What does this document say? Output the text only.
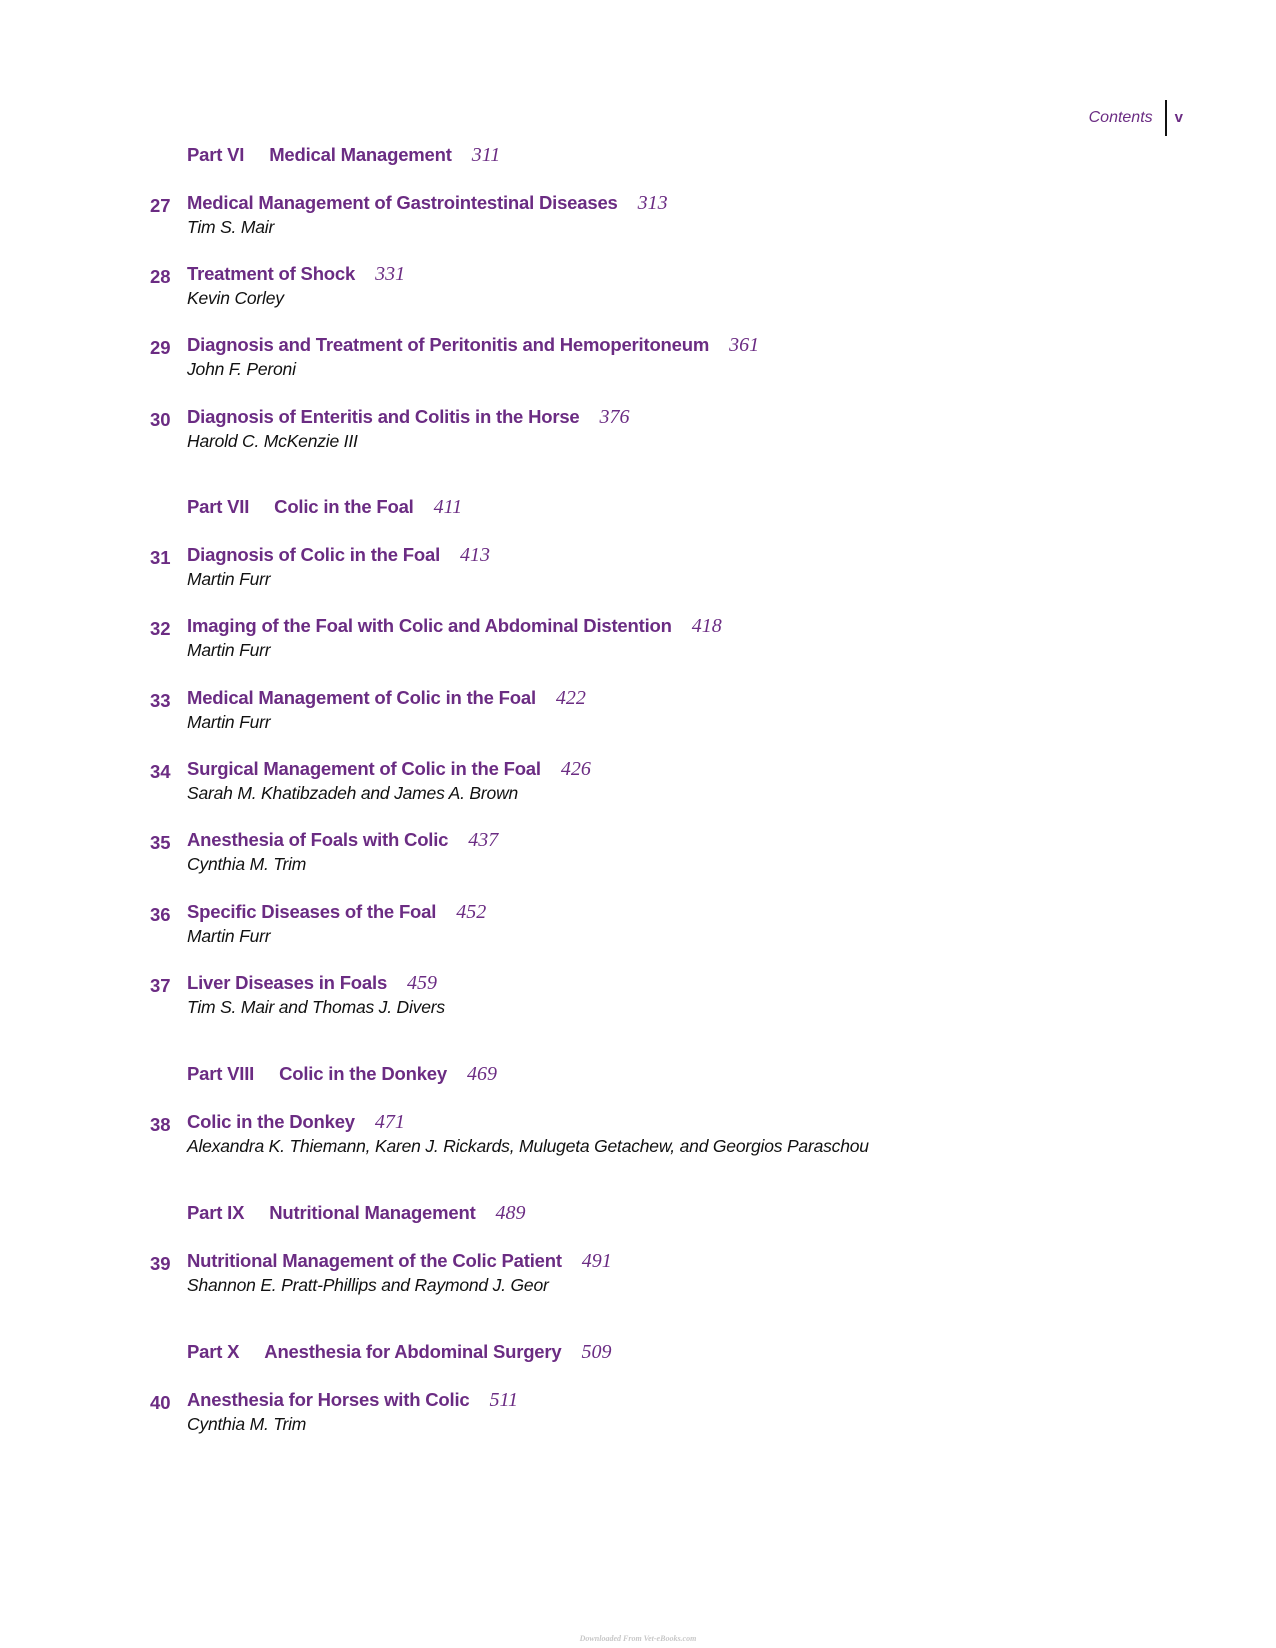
Contents	v
Part VI Medical Management 311
27 Medical Management of Gastrointestinal Diseases 313
Tim S. Mair
28 Treatment of Shock 331
Kevin Corley
29 Diagnosis and Treatment of Peritonitis and Hemoperitoneum 361
John F. Peroni
30 Diagnosis of Enteritis and Colitis in the Horse 376
Harold C. McKenzie III
Part VII Colic in the Foal 411
31 Diagnosis of Colic in the Foal 413
Martin Furr
32 Imaging of the Foal with Colic and Abdominal Distention 418
Martin Furr
33 Medical Management of Colic in the Foal 422
Martin Furr
34 Surgical Management of Colic in the Foal 426
Sarah M. Khatibzadeh and James A. Brown
35 Anesthesia of Foals with Colic 437
Cynthia M. Trim
36 Specific Diseases of the Foal 452
Martin Furr
37 Liver Diseases in Foals 459
Tim S. Mair and Thomas J. Divers
Part VIII Colic in the Donkey 469
38 Colic in the Donkey 471
Alexandra K. Thiemann, Karen J. Rickards, Mulugeta Getachew, and Georgios Paraschou
Part IX Nutritional Management 489
39 Nutritional Management of the Colic Patient 491
Shannon E. Pratt-Phillips and Raymond J. Geor
Part X Anesthesia for Abdominal Surgery 509
40 Anesthesia for Horses with Colic 511
Cynthia M. Trim
Downloaded From Vet-eBooks.com
